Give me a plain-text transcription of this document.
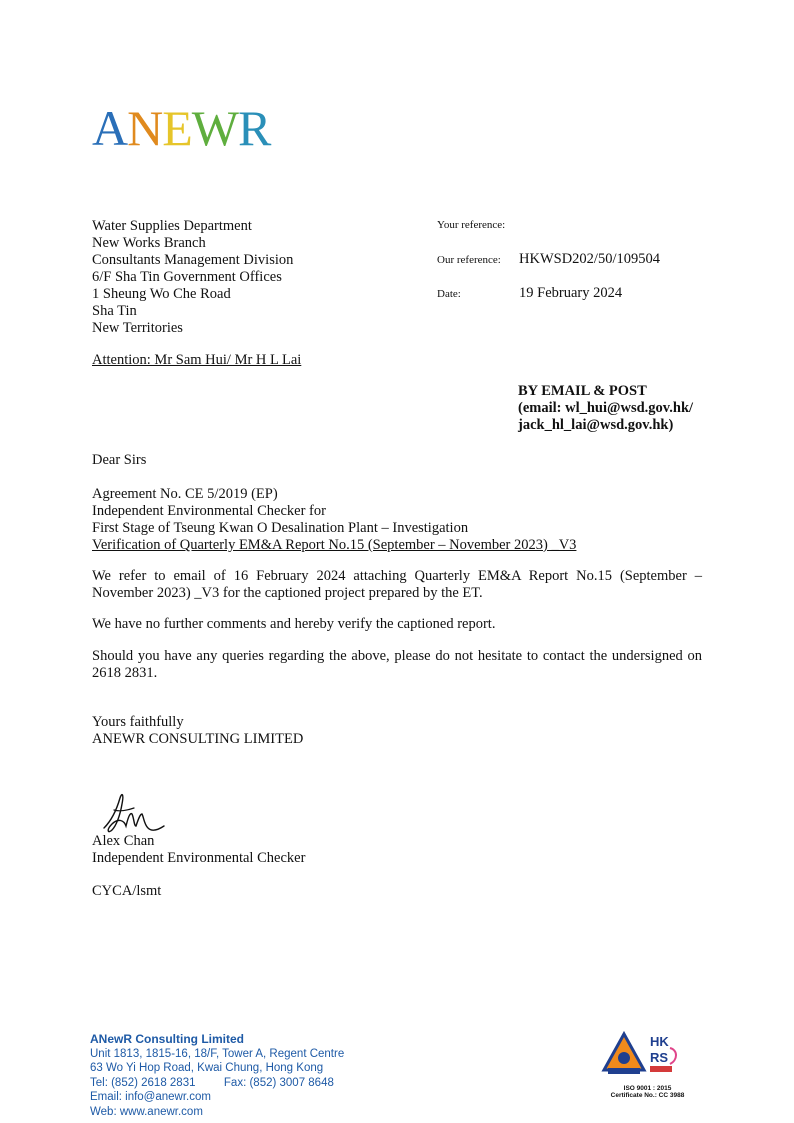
ANEWR
Water Supplies Department
New Works Branch
Consultants Management Division
6/F Sha Tin Government Offices
1 Sheung Wo Che Road
Sha Tin
New Territories
Attention: Mr Sam Hui/ Mr H L Lai
Your reference:
Our reference: HKWSD202/50/109504
Date:	19 February 2024
BY EMAIL & POST
(email: wl_hui@wsd.gov.hk/
jack_hl_lai@wsd.gov.hk)
Dear Sirs
Agreement No. CE 5/2019 (EP)
Independent Environmental Checker for
First Stage of Tseung Kwan O Desalination Plant – Investigation
Verification of Quarterly EM&A Report No.15 (September – November 2023) _V3
We refer to email of 16 February 2024 attaching Quarterly EM&A Report No.15 (September – November 2023) _V3 for the captioned project prepared by the ET.
We have no further comments and hereby verify the captioned report.
Should you have any queries regarding the above, please do not hesitate to contact the undersigned on 2618 2831.
Yours faithfully
ANEWR CONSULTING LIMITED
Alex Chan
Independent Environmental Checker
CYCA/lsmt
ANewR Consulting Limited
Unit 1813, 1815-16, 18/F, Tower A, Regent Centre
63 Wo Yi Hop Road, Kwai Chung, Hong Kong
Tel: (852) 2618 2831 Fax: (852) 3007 8648
Email: info@anewr.com
Web: www.anewr.com
HK
RS
ISO 9001 : 2015
Certificate No.: CC 3988
